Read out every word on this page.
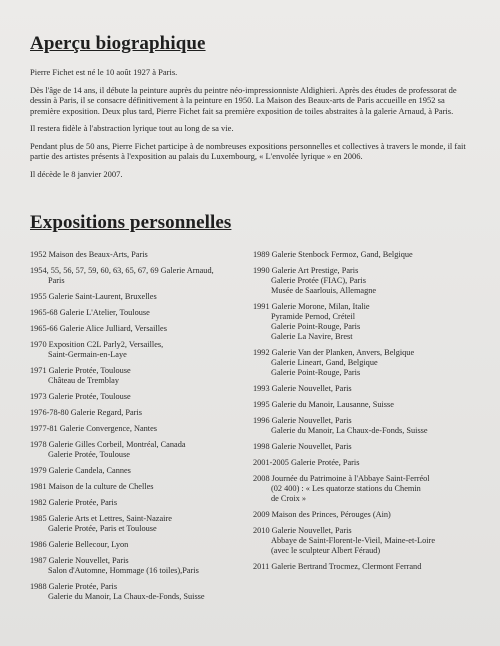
Aperçu biographique

Pierre Fichet est né le 10 août 1927 à Paris.

Dès l'âge de 14 ans, il débute la peinture auprès du peintre néo-impressionniste Aldighieri. Après des études de professorat de dessin à Paris, il se consacre définitivement à la peinture en 1950. La Maison des Beaux-arts de Paris accueille en 1952 sa première exposition. Deux plus tard, Pierre Fichet fait sa première exposition de toiles abstraites à la galerie Arnaud, à Paris.

Il restera fidèle à l'abstraction lyrique tout au long de sa vie.

Pendant plus de 50 ans, Pierre Fichet participe à de nombreuses expositions personnelles et collectives à travers le monde, il fait partie des artistes présents à l'exposition au palais du Luxembourg, « L'envolée lyrique » en 2006.

Il décède le 8 janvier 2007.

Expositions personnelles
1952 Maison des Beaux-Arts, Paris
1954, 55, 56, 57, 59, 60, 63, 65, 67, 69 Galerie Arnaud,
Paris
1955 Galerie Saint-Laurent, Bruxelles
1965-68 Galerie L'Atelier, Toulouse
1965-66 Galerie Alice Julliard, Versailles
1970 Exposition C2L Parly2, Versailles,
Saint-Germain-en-Laye
1971 Galerie Protée, Toulouse
Château de Tremblay
1973 Galerie Protée, Toulouse
1976-78-80 Galerie Regard, Paris
1977-81 Galerie Convergence, Nantes
1978 Galerie Gilles Corbeil, Montréal, Canada
Galerie Protée, Toulouse
1979 Galerie Candela, Cannes
1981 Maison de la culture de Chelles
1982 Galerie Protée, Paris
1985 Galerie Arts et Lettres, Saint-Nazaire
Galerie Protée, Paris et Toulouse
1986 Galerie Bellecour, Lyon
1987 Galerie Nouvellet, Paris
Salon d'Automne, Hommage (16 toiles),Paris
1988 Galerie Protée, Paris
Galerie du Manoir, La Chaux-de-Fonds, Suisse
1989 Galerie Stenbock Fermoz, Gand, Belgique
1990 Galerie Art Prestige, Paris
Galerie Protée (FIAC), Paris
Musée de Saarlouis, Allemagne
1991 Galerie Morone, Milan, Italie
Pyramide Pernod, Créteil
Galerie Point-Rouge, Paris
Galerie La Navire, Brest
1992 Galerie Van der Planken, Anvers, Belgique
Galerie Lineart, Gand, Belgique
Galerie Point-Rouge, Paris
1993 Galerie Nouvellet, Paris
1995 Galerie du Manoir, Lausanne, Suisse
1996 Galerie Nouvellet, Paris
Galerie du Manoir, La Chaux-de-Fonds, Suisse
1998 Galerie Nouvellet, Paris
2001-2005 Galerie Protée, Paris
2008 Journée du Patrimoine à l'Abbaye Saint-Ferréol
(02 400) : « Les quatorze stations du Chemin
de Croix »
2009 Maison des Princes, Pérouges (Ain)
2010 Galerie Nouvellet, Paris
Abbaye de Saint-Florent-le-Vieil, Maine-et-Loire
(avec le sculpteur Albert Féraud)
2011 Galerie Bertrand Trocmez, Clermont Ferrand
